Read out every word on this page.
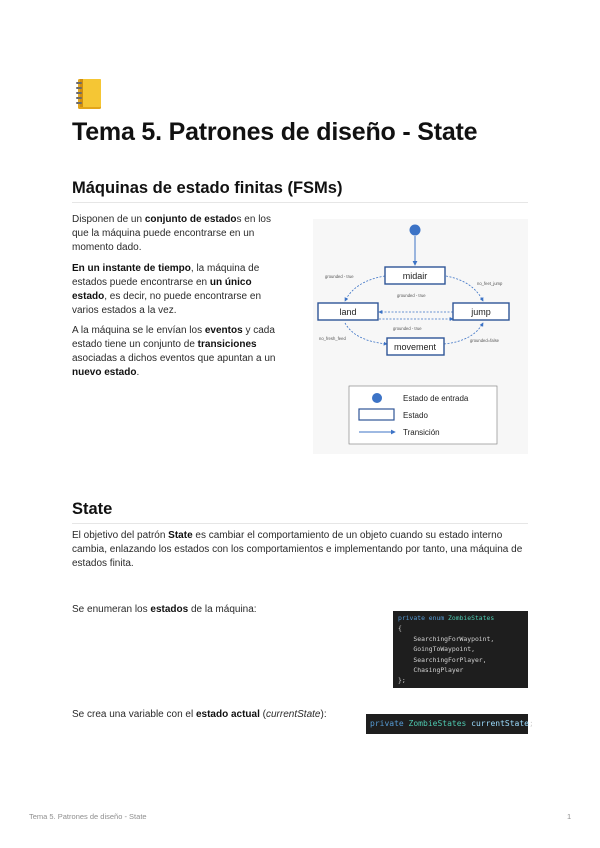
Tema 5. Patrones de diseño - State
Máquinas de estado finitas (FSMs)

Disponen de un conjunto de estados en los que la máquina puede encontrarse en un momento dado.

En un instante de tiempo, la máquina de estados puede encontrarse en un único estado, es decir, no puede encontrarse en varios estados a la vez.

A la máquina se le envían los eventos y cada estado tiene un conjunto de transiciones asociadas a dichos eventos que apuntan a un nuevo estado.

midair
land	jump
movement
grounded - true
no_feet_jump
grounded - true
grounded - true
no_fresh_feed	grounded=false
Estado de entrada
Estado
Transición
State

El objetivo del patrón State es cambiar el comportamiento de un objeto cuando su estado interno cambia, enlazando los estados con los comportamientos e implementando por tanto, una máquina de estados finita.

Se enumeran los estados de la máquina:

private enum ZombieStates
{
SearchingForWaypoint,
GoingToWaypoint,
SearchingForPlayer,
ChasingPlayer
};

Se crea una variable con el estado actual (currentState):

private ZombieStates currentState;
Tema 5. Patrones de diseño - State	1
